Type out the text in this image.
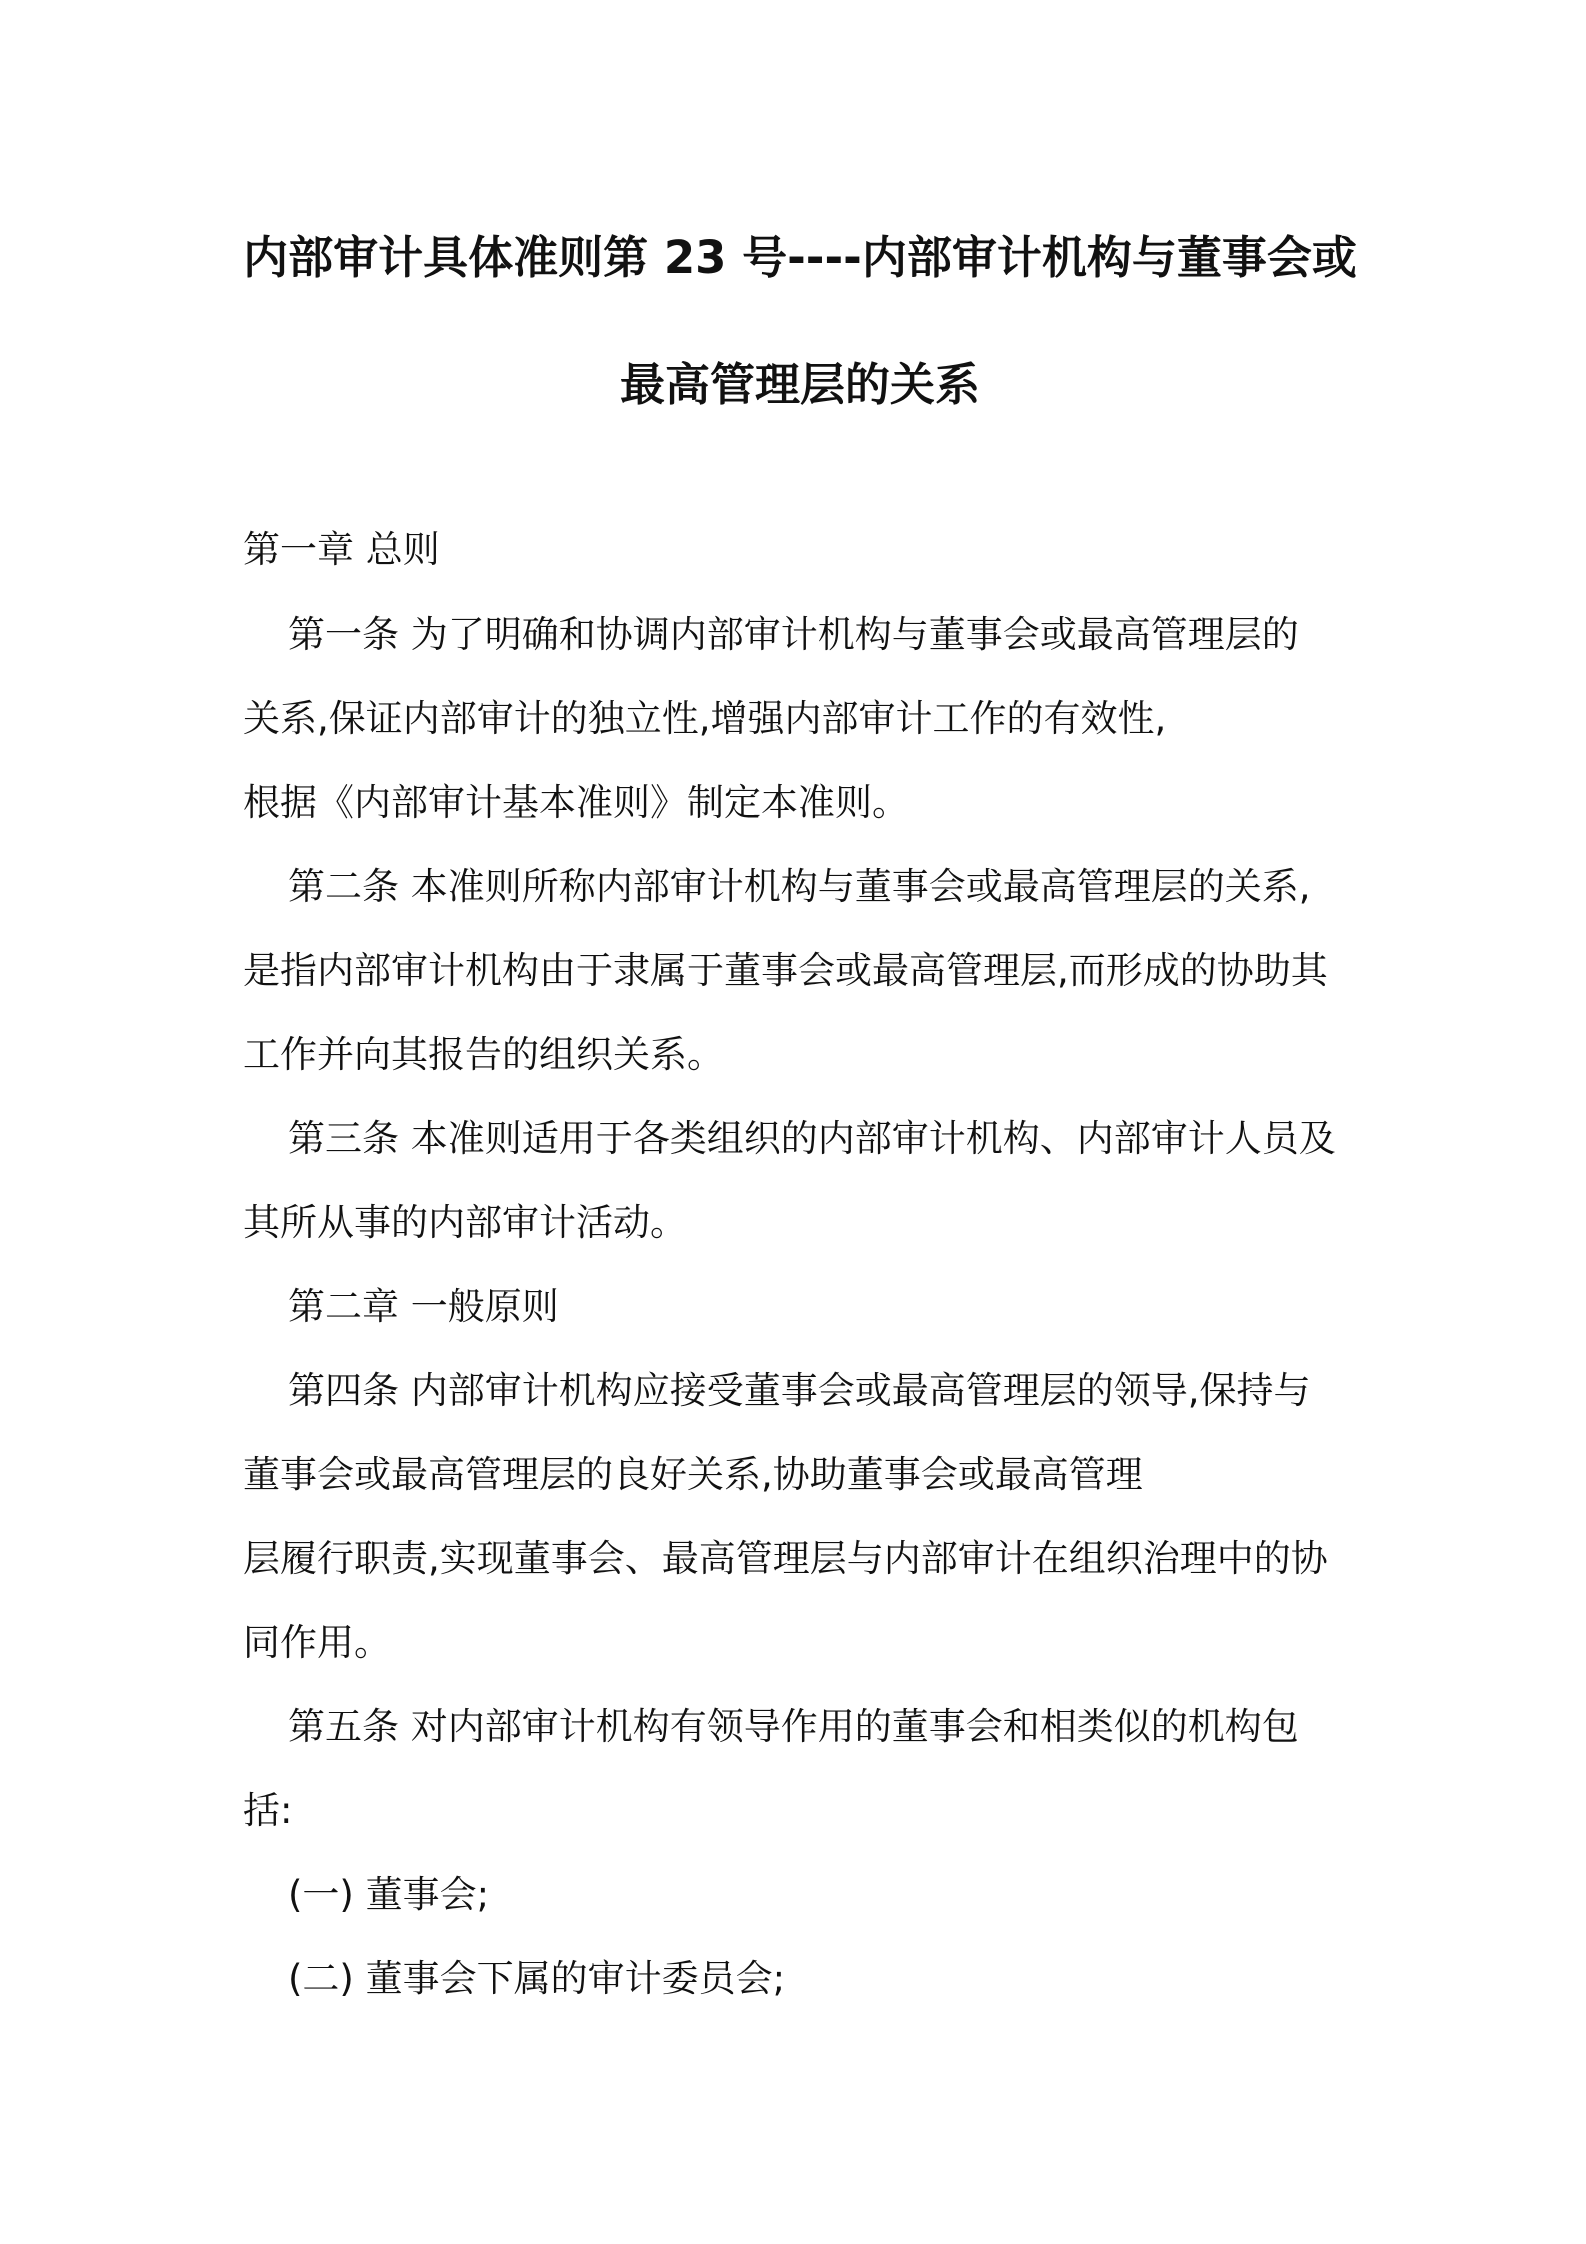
内部审计具体准则第 23 号----内部审计机构与董事会或
最高管理层的关系
第一章 总则
第一条 为了明确和协调内部审计机构与董事会或最高管理层的
关系,保证内部审计的独立性,增强内部审计工作的有效性,
根据《内部审计基本准则》制定本准则。
第二条 本准则所称内部审计机构与董事会或最高管理层的关系,
是指内部审计机构由于隶属于董事会或最高管理层,而形成的协助其
工作并向其报告的组织关系。
第三条 本准则适用于各类组织的内部审计机构、内部审计人员及
其所从事的内部审计活动。
第二章 一般原则
第四条 内部审计机构应接受董事会或最高管理层的领导,保持与
董事会或最高管理层的良好关系,协助董事会或最高管理
层履行职责,实现董事会、最高管理层与内部审计在组织治理中的协
同作用。
第五条 对内部审计机构有领导作用的董事会和相类似的机构包
括:
(一) 董事会;
(二) 董事会下属的审计委员会;
